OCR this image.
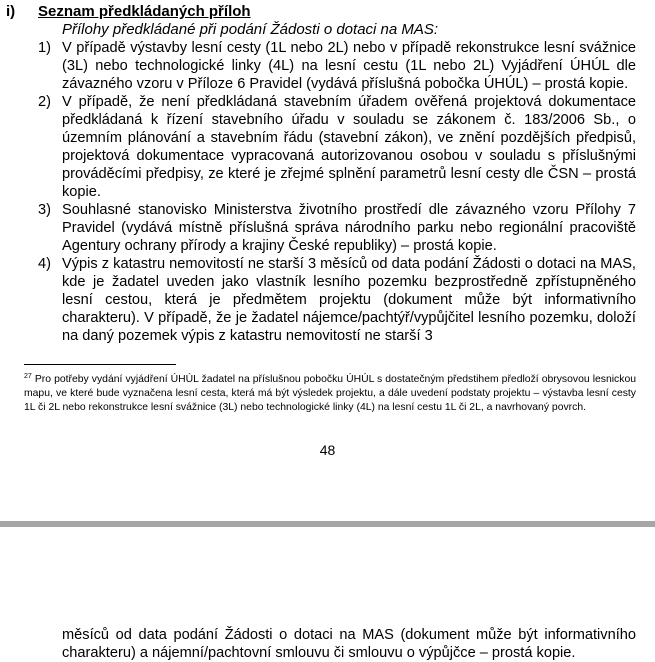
i) Seznam předkládaných příloh
Přílohy předkládané při podání Žádosti o dotaci na MAS:
1) V případě výstavby lesní cesty (1L nebo 2L) nebo v případě rekonstrukce lesní svážnice (3L) nebo technologické linky (4L) na lesní cestu (1L nebo 2L) Vyjádření ÚHÚL dle závazného vzoru v Příloze 6 Pravidel (vydává příslušná pobočka ÚHÚL) – prostá kopie.
2) V případě, že není předkládaná stavebním úřadem ověřená projektová dokumentace předkládaná k řízení stavebního úřadu v souladu se zákonem č. 183/2006 Sb., o územním plánování a stavebním řádu (stavební zákon), ve znění pozdějších předpisů, projektová dokumentace vypracovaná autorizovanou osobou v souladu s příslušnými prováděcími předpisy, ze které je zřejmé splnění parametrů lesní cesty dle ČSN – prostá kopie.
3) Souhlasné stanovisko Ministerstva životního prostředí dle závazného vzoru Přílohy 7 Pravidel (vydává místně příslušná správa národního parku nebo regionální pracoviště Agentury ochrany přírody a krajiny České republiky) – prostá kopie.
4) Výpis z katastru nemovitostí ne starší 3 měsíců od data podání Žádosti o dotaci na MAS, kde je žadatel uveden jako vlastník lesního pozemku bezprostředně zpřístupněného lesní cestou, která je předmětem projektu (dokument může být informativního charakteru). V případě, že je žadatel nájemce/pachtýř/vypůjčitel lesního pozemku, doloží na daný pozemek výpis z katastru nemovitostí ne starší 3
$^{27}$ Pro potřeby vydání vyjádření ÚHÚL žadatel na příslušnou pobočku ÚHÚL s dostatečným předstihem předloží obrysovou lesnickou mapu, ve které bude vyznačena lesní cesta, která má být výsledek projektu, a dále uvedení podstaty projektu – výstavba lesní cesty 1L či 2L nebo rekonstrukce lesní svážnice (3L) nebo technologické linky (4L) na lesní cestu 1L či 2L, a navrhovaný povrch.
48
měsíců od data podání Žádosti o dotaci na MAS (dokument může být informativního charakteru) a nájemní/pachtovní smlouvu či smlouvu o výpůjčce – prostá kopie.
